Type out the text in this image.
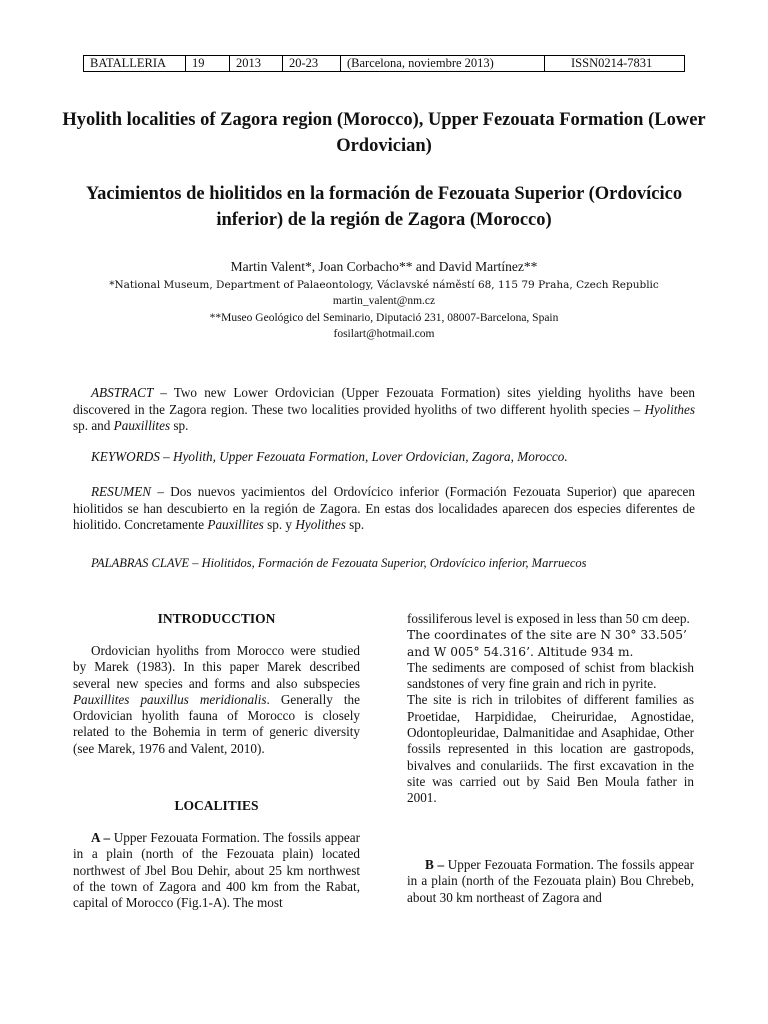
BATALLERIA	19	2013	20-23	(Barcelona, noviembre 2013)	ISSN0214-7831
Hyolith localities of Zagora region (Morocco), Upper Fezouata Formation (Lower Ordovician)
Yacimientos de hiolitidos en la formación de Fezouata Superior (Ordovícico inferior) de la región de Zagora (Morocco)
Martin Valent*, Joan Corbacho** and David Martínez**
*National Museum, Department of Palaeontology, Václavské náměstí 68, 115 79 Praha, Czech Republic
martin_valent@nm.cz
**Museo Geológico del Seminario, Diputació 231, 08007-Barcelona, Spain
fosilart@hotmail.com
ABSTRACT – Two new Lower Ordovician (Upper Fezouata Formation) sites yielding hyoliths have been discovered in the Zagora region. These two localities provided hyoliths of two different hyolith species – Hyolithes sp. and Pauxillites sp.
KEYWORDS – Hyolith, Upper Fezouata Formation, Lover Ordovician, Zagora, Morocco.
RESUMEN – Dos nuevos yacimientos del Ordovícico inferior (Formación Fezouata Superior) que aparecen hiolitidos se han descubierto en la región de Zagora. En estas dos localidades aparecen dos especies diferentes de hiolitido. Concretamente Pauxillites sp. y Hyolithes sp.
PALABRAS CLAVE – Hiolitidos, Formación de Fezouata Superior, Ordovícico inferior, Marruecos
INTRODUCCTION
Ordovician hyoliths from Morocco were studied by Marek (1983). In this paper Marek described several new species and forms and also subspecies Pauxillites pauxillus meridionalis. Generally the Ordovician hyolith fauna of Morocco is closely related to the Bohemia in term of generic diversity (see Marek, 1976 and Valent, 2010).
LOCALITIES
A – Upper Fezouata Formation. The fossils appear in a plain (north of the Fezouata plain) located northwest of Jbel Bou Dehir, about 25 km northwest of the town of Zagora and 400 km from the Rabat, capital of Morocco (Fig.1-A). The most
fossiliferous level is exposed in less than 50 cm deep.
The coordinates of the site are N 30° 33.505’ and W 005° 54.316’. Altitude 934 m.
The sediments are composed of schist from blackish sandstones of very fine grain and rich in pyrite.
The site is rich in trilobites of different families as Proetidae, Harpididae, Cheiruridae, Agnostidae, Odontopleuridae, Dalmanitidae and Asaphidae, Other fossils represented in this location are gastropods, bivalves and conulariids. The first excavation in the site was carried out by Said Ben Moula father in 2001.
B – Upper Fezouata Formation. The fossils appear in a plain (north of the Fezouata plain) Bou Chrebeb, about 30 km northeast of Zagora and
